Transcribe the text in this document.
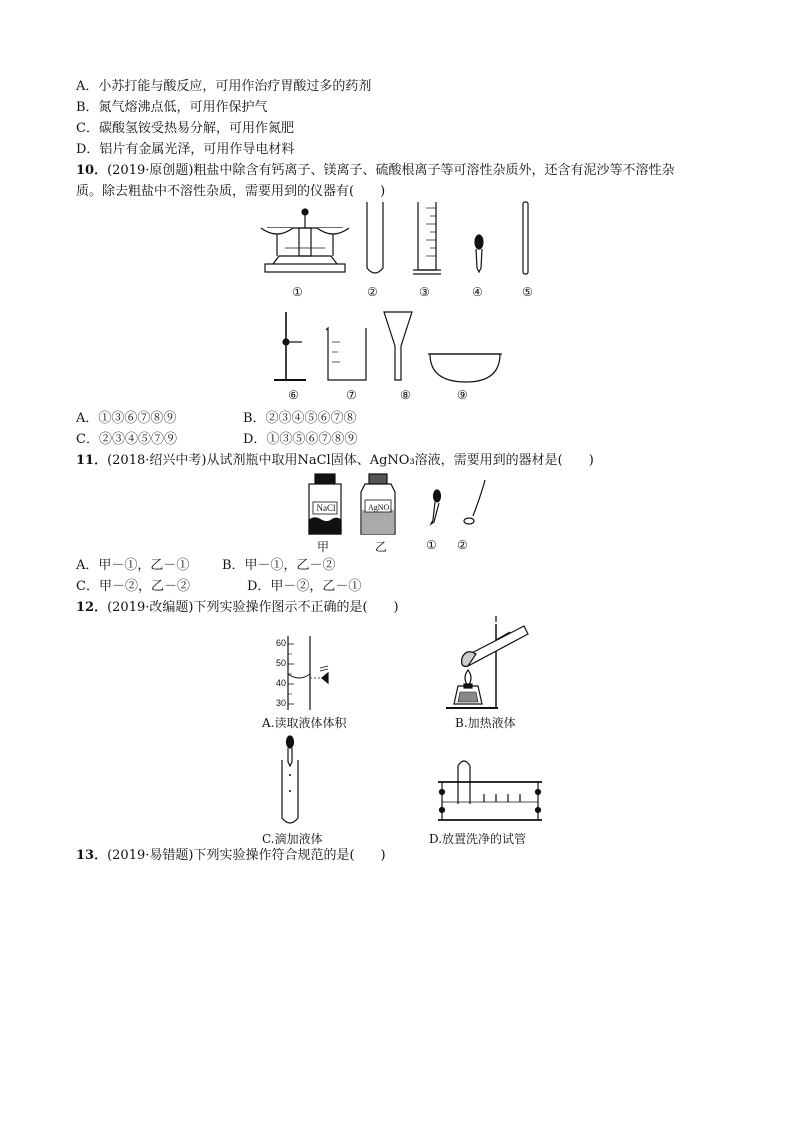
A．小苏打能与酸反应，可用作治疗胃酸过多的药剂
B．氮气熔沸点低，可用作保护气
C．碳酸氢铵受热易分解，可用作氮肥
D．铝片有金属光泽，可用作导电材料
10．(2019·原创题)粗盐中除含有钙离子、镁离子、硫酸根离子等可溶性杂质外，还含有泥沙等不溶性杂
质。除去粗盐中不溶性杂质，需要用到的仪器有(　　)
①	②	③	④	⑤
⑥	⑦	⑧	⑨
A．①③⑥⑦⑧⑨	B．②③④⑤⑥⑦⑧
C．②③④⑤⑦⑨	D．①③⑤⑥⑦⑧⑨
11．(2018·绍兴中考)从试剂瓶中取用NaCl固体、AgNO₃溶液，需要用到的器材是(　　)
NaCl	AgNO₃
甲	乙	① ②
A．甲－①，乙－①	B．甲－①，乙－②
C．甲－②，乙－②	D．甲－②，乙－①
12．(2019·改编题)下列实验操作图示不正确的是(　　)
60
50
40
30
A.读取液体体积	B.加热液体
C.滴加液体	D.放置洗净的试管
13．(2019·易错题)下列实验操作符合规范的是(　　)
